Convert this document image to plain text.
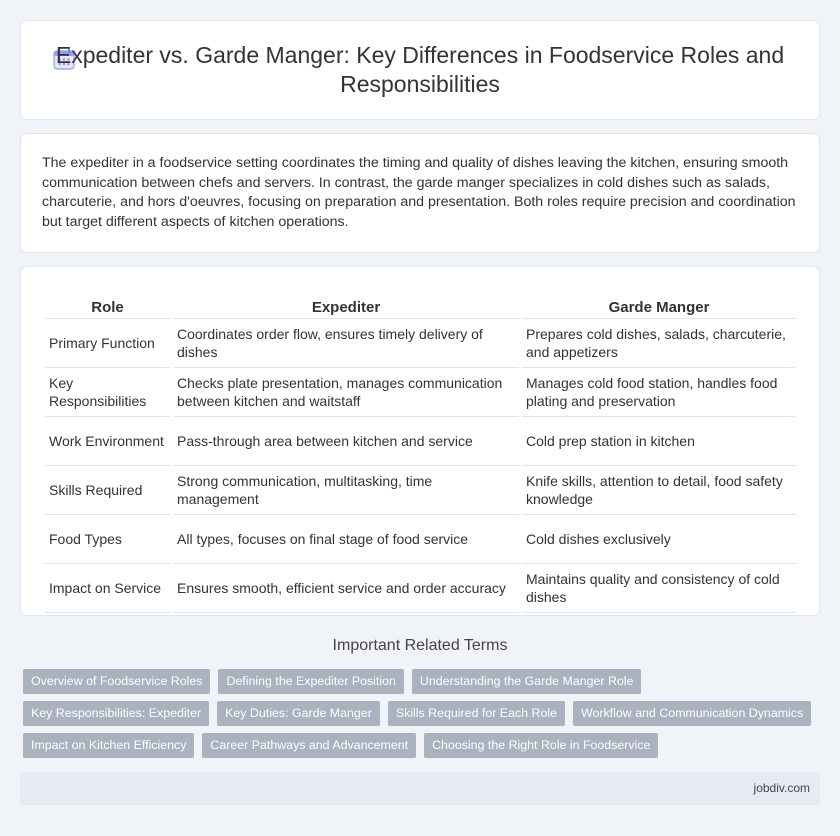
Expediter vs. Garde Manger: Key Differences in Foodservice Roles and Responsibilities

The expediter in a foodservice setting coordinates the timing and quality of dishes leaving the kitchen, ensuring smooth communication between chefs and servers. In contrast, the garde manger specializes in cold dishes such as salads, charcuterie, and hors d'oeuvres, focusing on preparation and presentation. Both roles require precision and coordination but target different aspects of kitchen operations.

Role	Expediter	Garde Manger
Primary Function	Coordinates order flow, ensures timely delivery of dishes	Prepares cold dishes, salads, charcuterie, and appetizers
Key Responsibilities	Checks plate presentation, manages communication between kitchen and waitstaff	Manages cold food station, handles food plating and preservation
Work Environment	Pass-through area between kitchen and service	Cold prep station in kitchen
Skills Required	Strong communication, multitasking, time management	Knife skills, attention to detail, food safety knowledge
Food Types	All types, focuses on final stage of food service	Cold dishes exclusively
Impact on Service	Ensures smooth, efficient service and order accuracy	Maintains quality and consistency of cold dishes
Important Related Terms
Overview of Foodservice Roles	Defining the Expediter Position	Understanding the Garde Manger Role
Key Responsibilities: Expediter	Key Duties: Garde Manger	Skills Required for Each Role	Workflow and Communication Dynamics
Impact on Kitchen Efficiency	Career Pathways and Advancement	Choosing the Right Role in Foodservice
jobdiv.com
